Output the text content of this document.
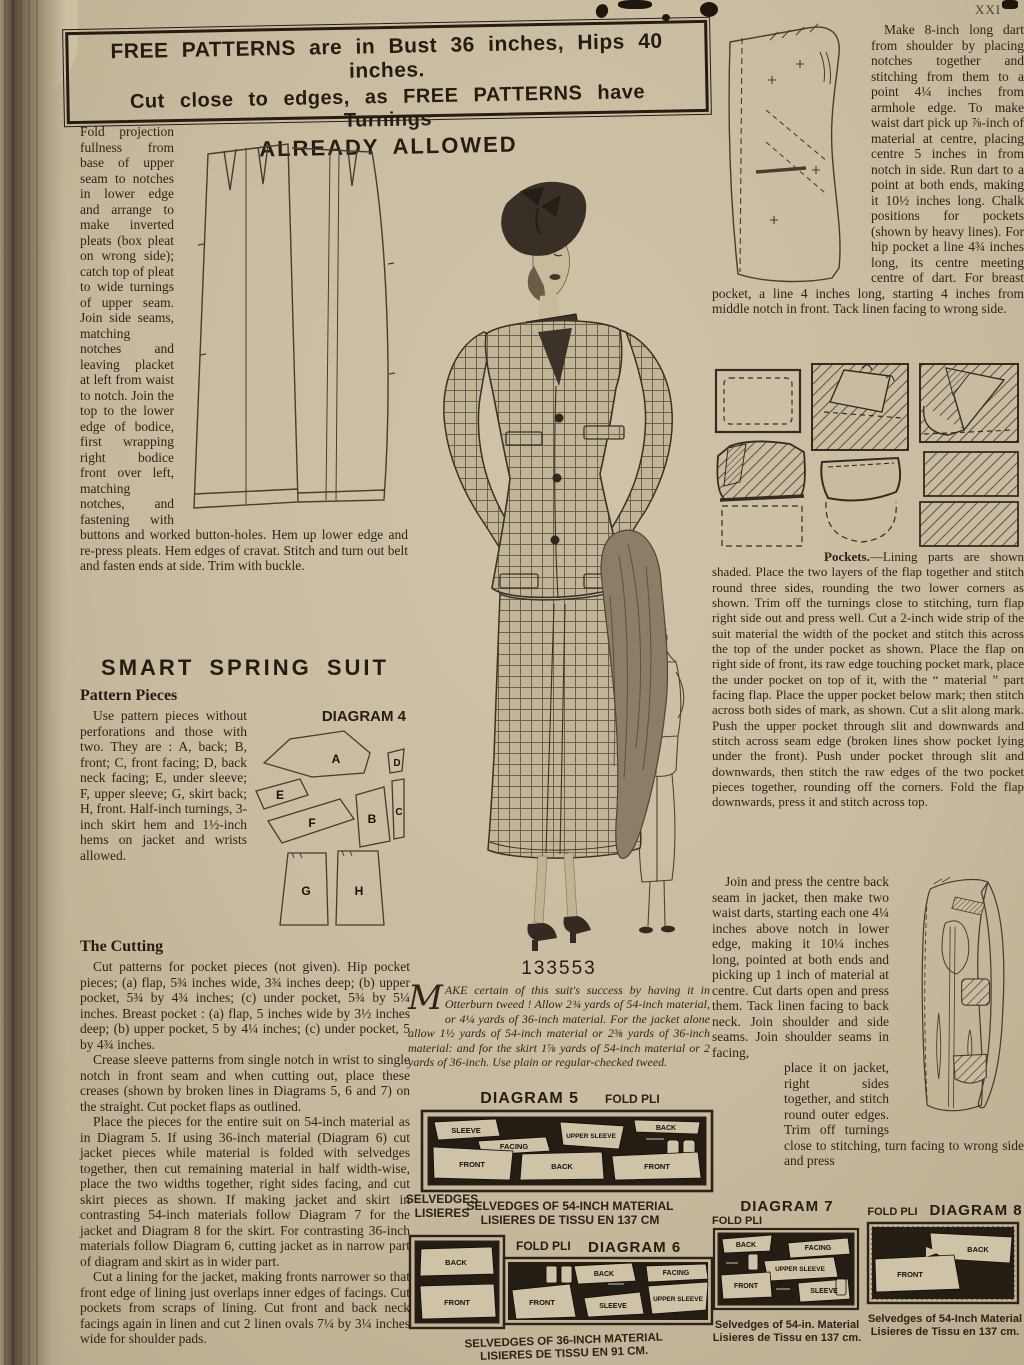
XXI
FREE PATTERNS are in Bust 36 inches, Hips 40 inches.
Cut close to edges, as FREE PATTERNS have Turnings
ALREADY ALLOWED
Fold projection fullness from base of upper seam to notches in lower edge and arrange to make inverted pleats (box pleat on wrong side); catch top of pleat to wide turnings of upper seam. Join side seams, matching notches and leaving placket at left from waist to notch. Join the top to the lower edge of bodice, first wrapping right bodice front over left, matching notches, and fastening with buttons and worked button-holes. Hem up lower edge and re-press pleats. Hem edges of cravat. Stitch and turn out belt and fasten ends at side. Trim with buckle.
SMART SPRING SUIT
Pattern Pieces
DIAGRAM 4
A
E
F	B C
D
G	H
Use pattern pieces without perforations and those with two. They are : A, back; B, front; C, front facing; D, back neck facing; E, under sleeve; F, upper sleeve; G, skirt back; H, front. Half-inch turnings, 3-inch skirt hem and 1½-inch hems on jacket and wrists allowed.
The Cutting
Cut patterns for pocket pieces (not given). Hip pocket pieces; (a) flap, 5¾ inches wide, 3¾ inches deep; (b) upper pocket, 5¾ by 4¾ inches; (c) under pocket, 5¾ by 5¼ inches. Breast pocket : (a) flap, 5 inches wide by 3½ inches deep; (b) upper pocket, 5 by 4¼ inches; (c) under pocket, 5 by 4¾ inches.
Crease sleeve patterns from single notch in wrist to single notch in front seam and when cutting out, place these creases (shown by broken lines in Diagrams 5, 6 and 7) on the straight. Cut pocket flaps as outlined.
Place the pieces for the entire suit on 54-inch material as in Diagram 5. If using 36-inch material (Diagram 6) cut jacket pieces while material is folded with selvedges together, then cut remaining material in half width-wise, place the two widths together, right sides facing, and cut skirt pieces as shown. If making jacket and skirt in contrasting 54-inch materials follow Diagram 7 for the jacket and Diagram 8 for the skirt. For contrasting 36-inch materials follow Diagram 6, cutting jacket as in narrow part of diagram and skirt as in wider part.
Cut a lining for the jacket, making fronts narrower so that front edge of lining just overlaps inner edges of facings. Cut pockets from scraps of lining. Cut front and back neck facings again in linen and cut 2 linen ovals 7¼ by 3¼ inches wide for shoulder pads.
133553
MAKE certain of this suit's success by having it in Otterburn tweed ! Allow 2¾ yards of 54-inch material, or 4¼ yards of 36-inch material. For the jacket alone allow 1½ yards of 54-inch material or 2⅜ yards of 36-inch material: and for the skirt 1⅞ yards of 54-inch material or 2 yards of 36-inch. Use plain or regular-checked tweed.
DIAGRAM 5 FOLD PLI
SLEEVE
FACING
UPPER SLEEVE
BACK
FRONT	BACK	FRONT
SELVEDGES OF 54-INCH MATERIAL
LISIERES DE TISSU EN 137 CM
SELVEDGES
LISIERES
FOLD PLI DIAGRAM 6
BACK
FRONT	FRONT	SLEEVE
BACK	FACING
UPPER SLEEVE
SELVEDGES OF 36-INCH MATERIAL
LISIERES DE TISSU EN 91 CM.
Make 8-inch long dart from shoulder by placing notches together and stitching from them to a point 4¼ inches from armhole edge. To make waist dart pick up ⅞-inch of material at centre, placing centre 5 inches in from notch in side. Run dart to a point at both ends, making it 10½ inches long. Chalk positions for pockets (shown by heavy lines). For hip pocket a line 4¾ inches long, its centre meeting centre of dart. For breast pocket, a line 4 inches long, starting 4 inches from middle notch in front. Tack linen facing to wrong side.
Pockets.—Lining parts are shown shaded. Place the two layers of the flap together and stitch round three sides, rounding the two lower corners as shown. Trim off the turnings close to stitching, turn flap right side out and press well. Cut a 2-inch wide strip of the suit material the width of the pocket and stitch this across the top of the under pocket as shown. Place the flap on right side of front, its raw edge touching pocket mark, place the under pocket on top of it, with the “ material ” part facing flap. Place the upper pocket below mark; then stitch across both sides of mark, as shown. Cut a slit along mark. Push the upper pocket through slit and downwards and stitch across seam edge (broken lines show pocket lying under the front). Push under pocket through slit and downwards, then stitch the raw edges of the two pocket pieces together, rounding off the corners. Fold the flap downwards, press it and stitch across top.
Join and press the centre back seam in jacket, then make two waist darts, starting each one 4¼ inches above notch in lower edge, making it 10¼ inches long, pointed at both ends and picking up 1 inch of material at centre. Cut darts open and press them. Tack linen facing to back neck. Join shoulder and side seams. Join shoulder seams in facing,
place it on jacket, right sides together, and stitch round outer edges. Trim off turnings close to stitching, turn facing to wrong side and press
DIAGRAM 7
FOLD PLI
BACK	FACING
UPPER SLEEVE
FRONT
SLEEVE
Selvedges of 54-in. Material
Lisieres de Tissu en 137 cm.
FOLD PLI DIAGRAM 8
BACK
FRONT
Selvedges of 54-Inch Material
Lisieres de Tissu en 137 cm.
